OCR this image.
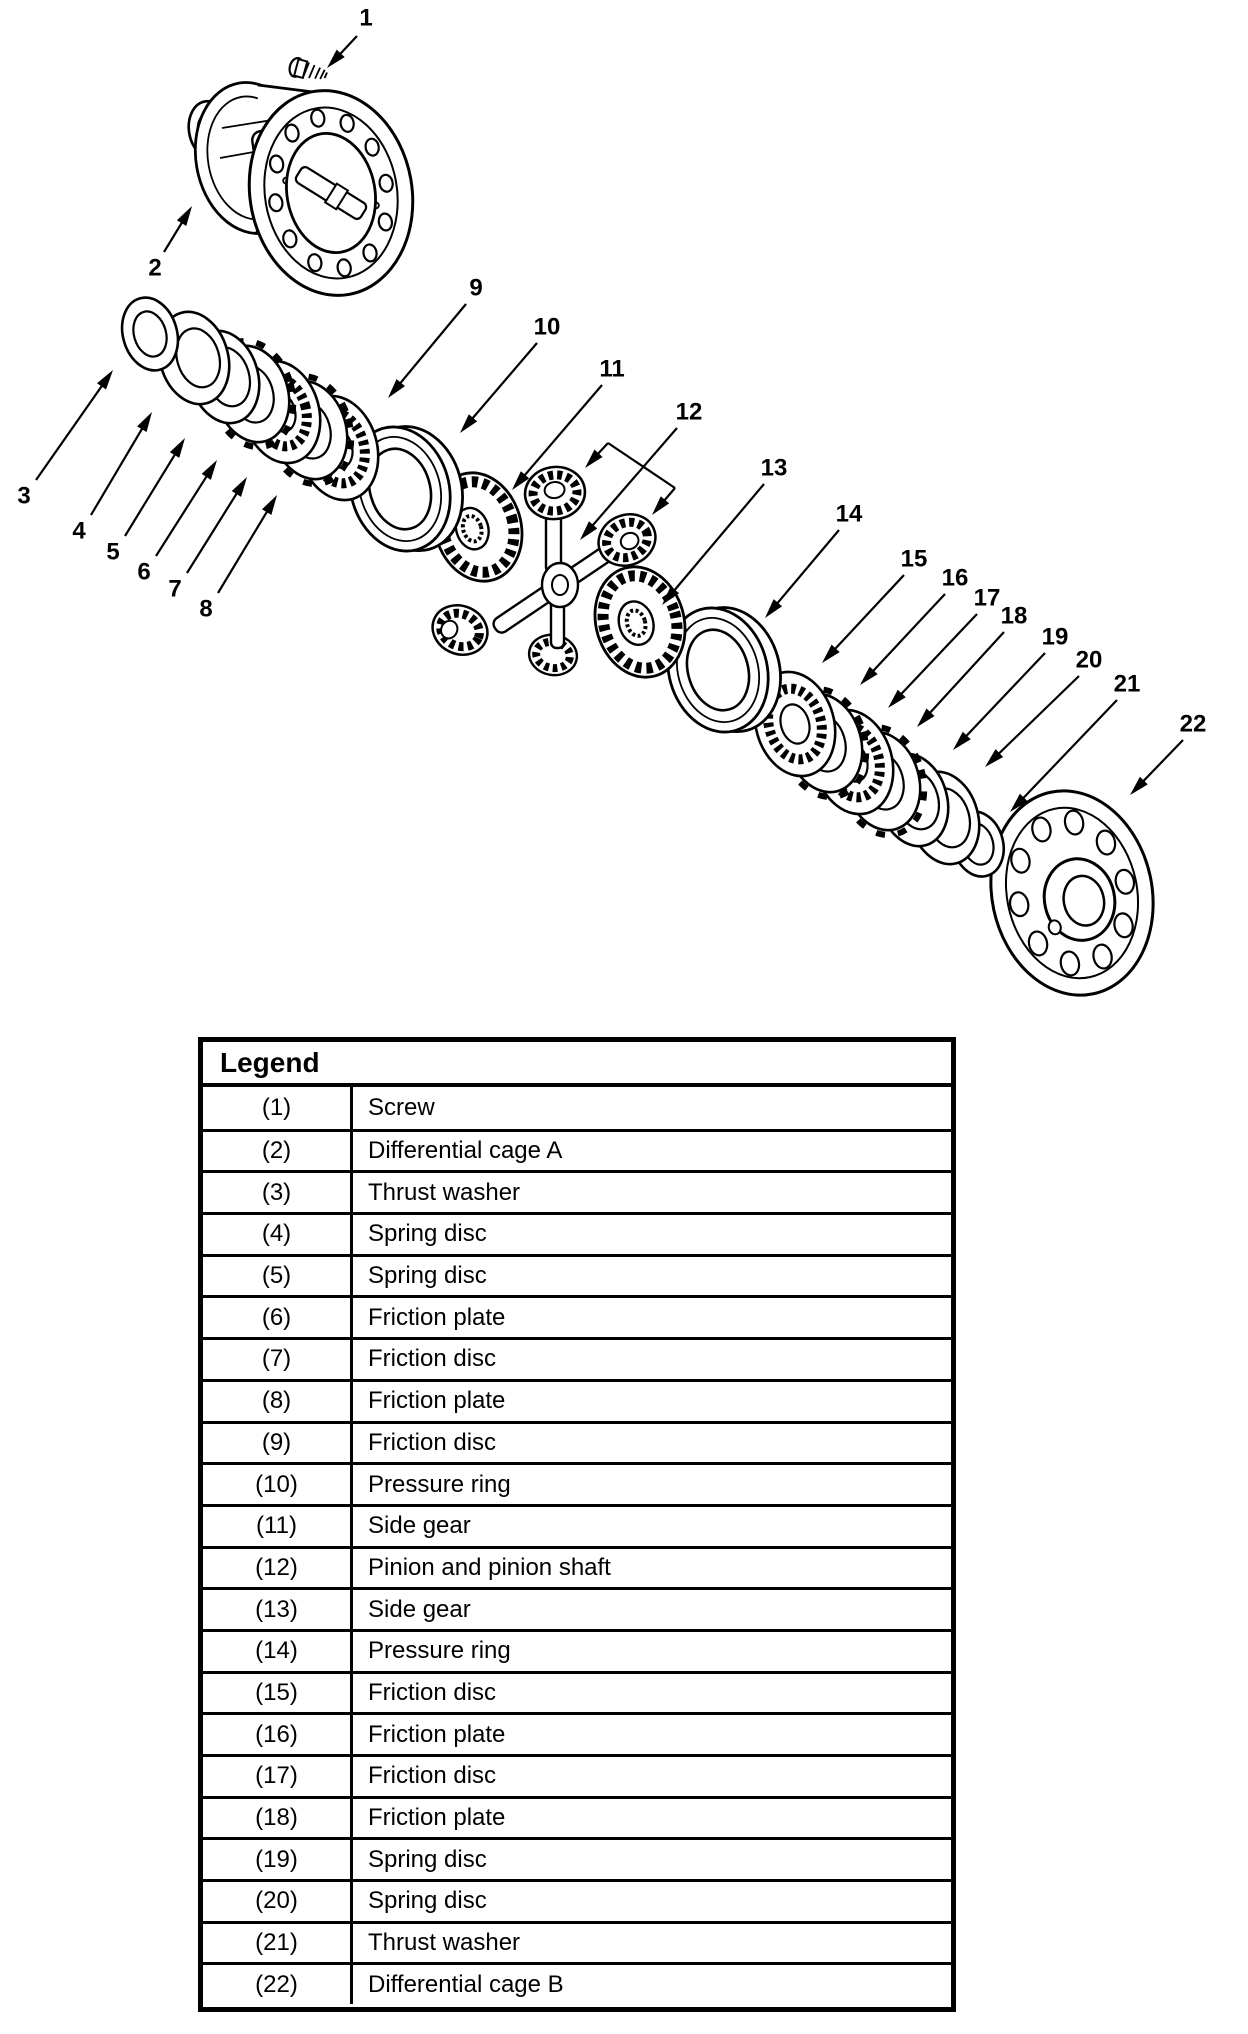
1
2
3
4
5
6
7
8
9
10
11
12
13
14
15
16
17
18
19
20
21
22
Legend
(1)	Screw
(2)	Differential cage A
(3)	Thrust washer
(4)	Spring disc
(5)	Spring disc
(6)	Friction plate
(7)	Friction disc
(8)	Friction plate
(9)	Friction disc
(10)	Pressure ring
(11)	Side gear
(12)	Pinion and pinion shaft
(13)	Side gear
(14)	Pressure ring
(15)	Friction disc
(16)	Friction plate
(17)	Friction disc
(18)	Friction plate
(19)	Spring disc
(20)	Spring disc
(21)	Thrust washer
(22)	Differential cage B
